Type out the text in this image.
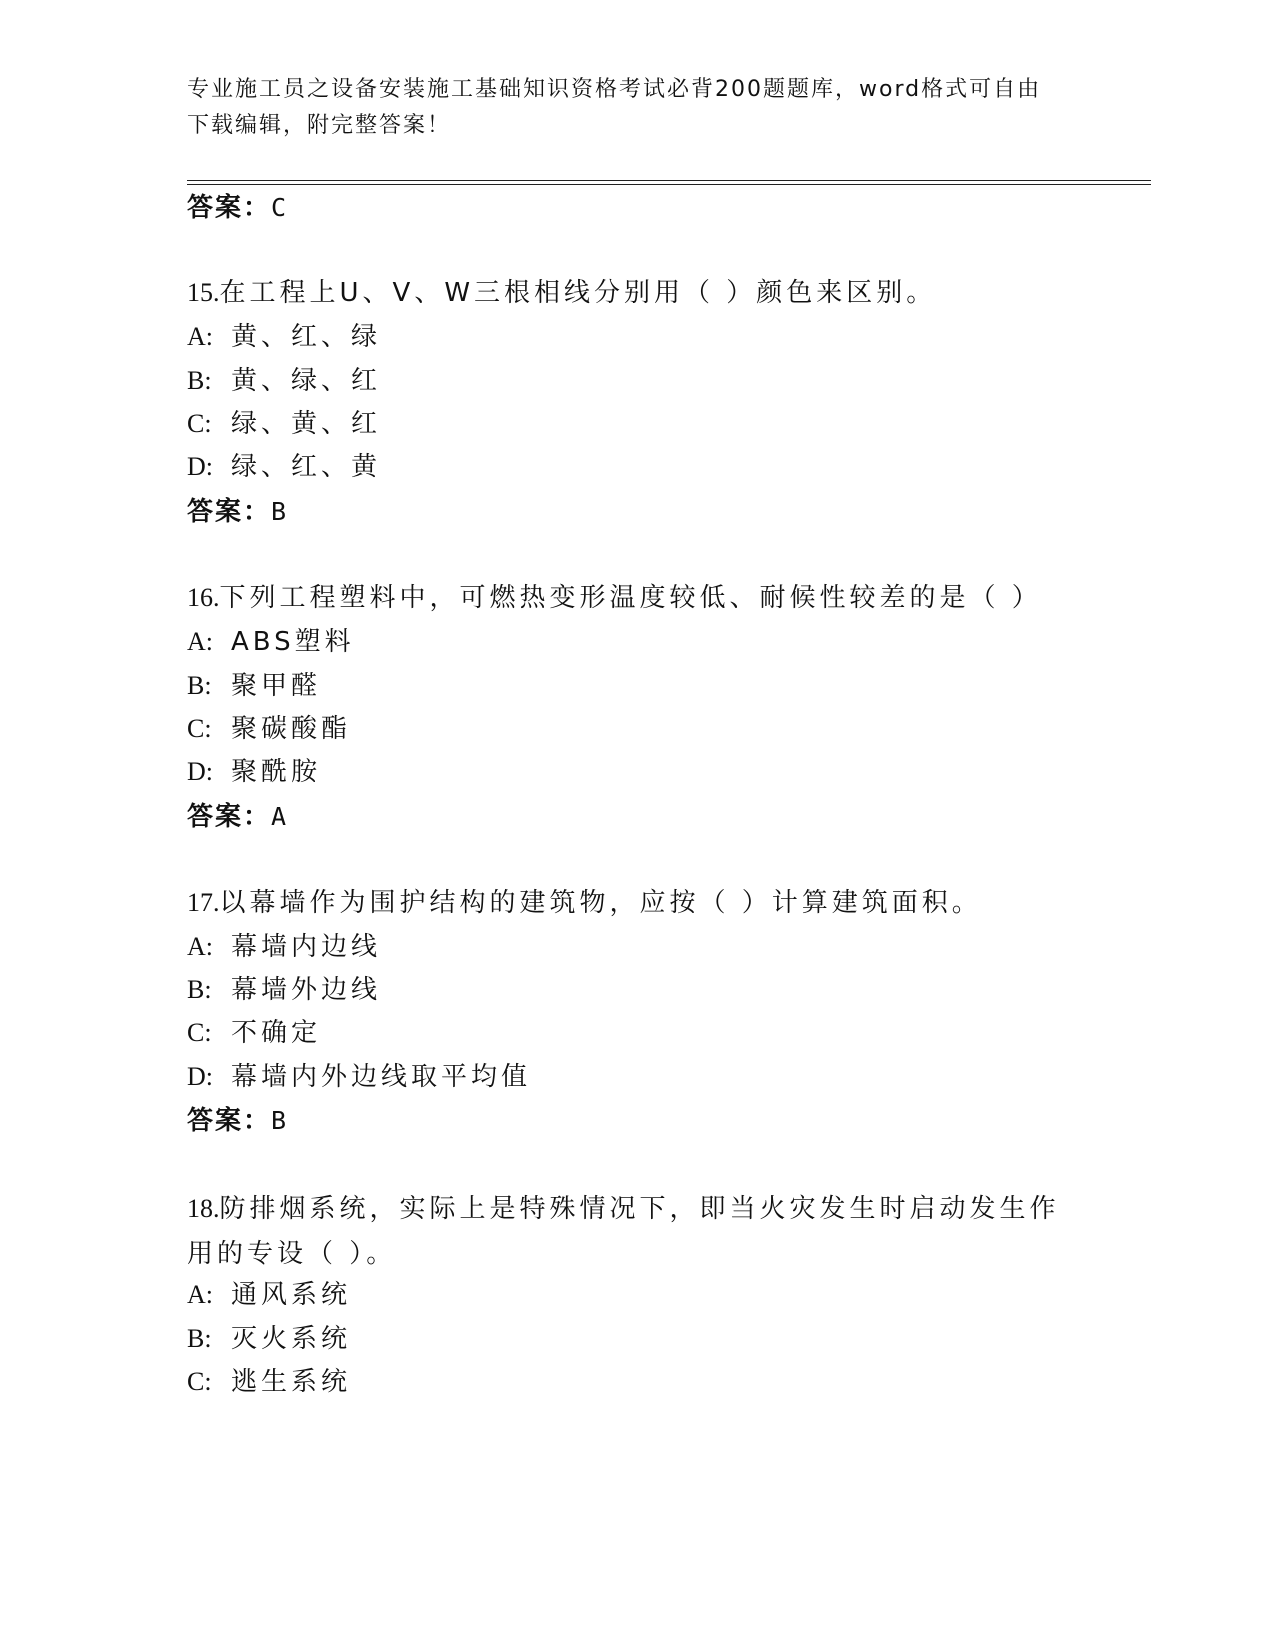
专业施工员之设备安装施工基础知识资格考试必背200题题库，word格式可自由
下载编辑，附完整答案！
答案：C
15.在工程上U、V、W三根相线分别用（ ）颜色来区别。
A: 黄、红、绿
B: 黄、绿、红
C: 绿、黄、红
D: 绿、红、黄
答案：B
16.下列工程塑料中，可燃热变形温度较低、耐候性较差的是（ ）
A: ABS塑料
B: 聚甲醛
C: 聚碳酸酯
D: 聚酰胺
答案：A
17.以幕墙作为围护结构的建筑物，应按（ ）计算建筑面积。
A: 幕墙内边线
B: 幕墙外边线
C: 不确定
D: 幕墙内外边线取平均值
答案：B
18.防排烟系统，实际上是特殊情况下，即当火灾发生时启动发生作用的专设（ ）。
A: 通风系统
B: 灭火系统
C: 逃生系统
